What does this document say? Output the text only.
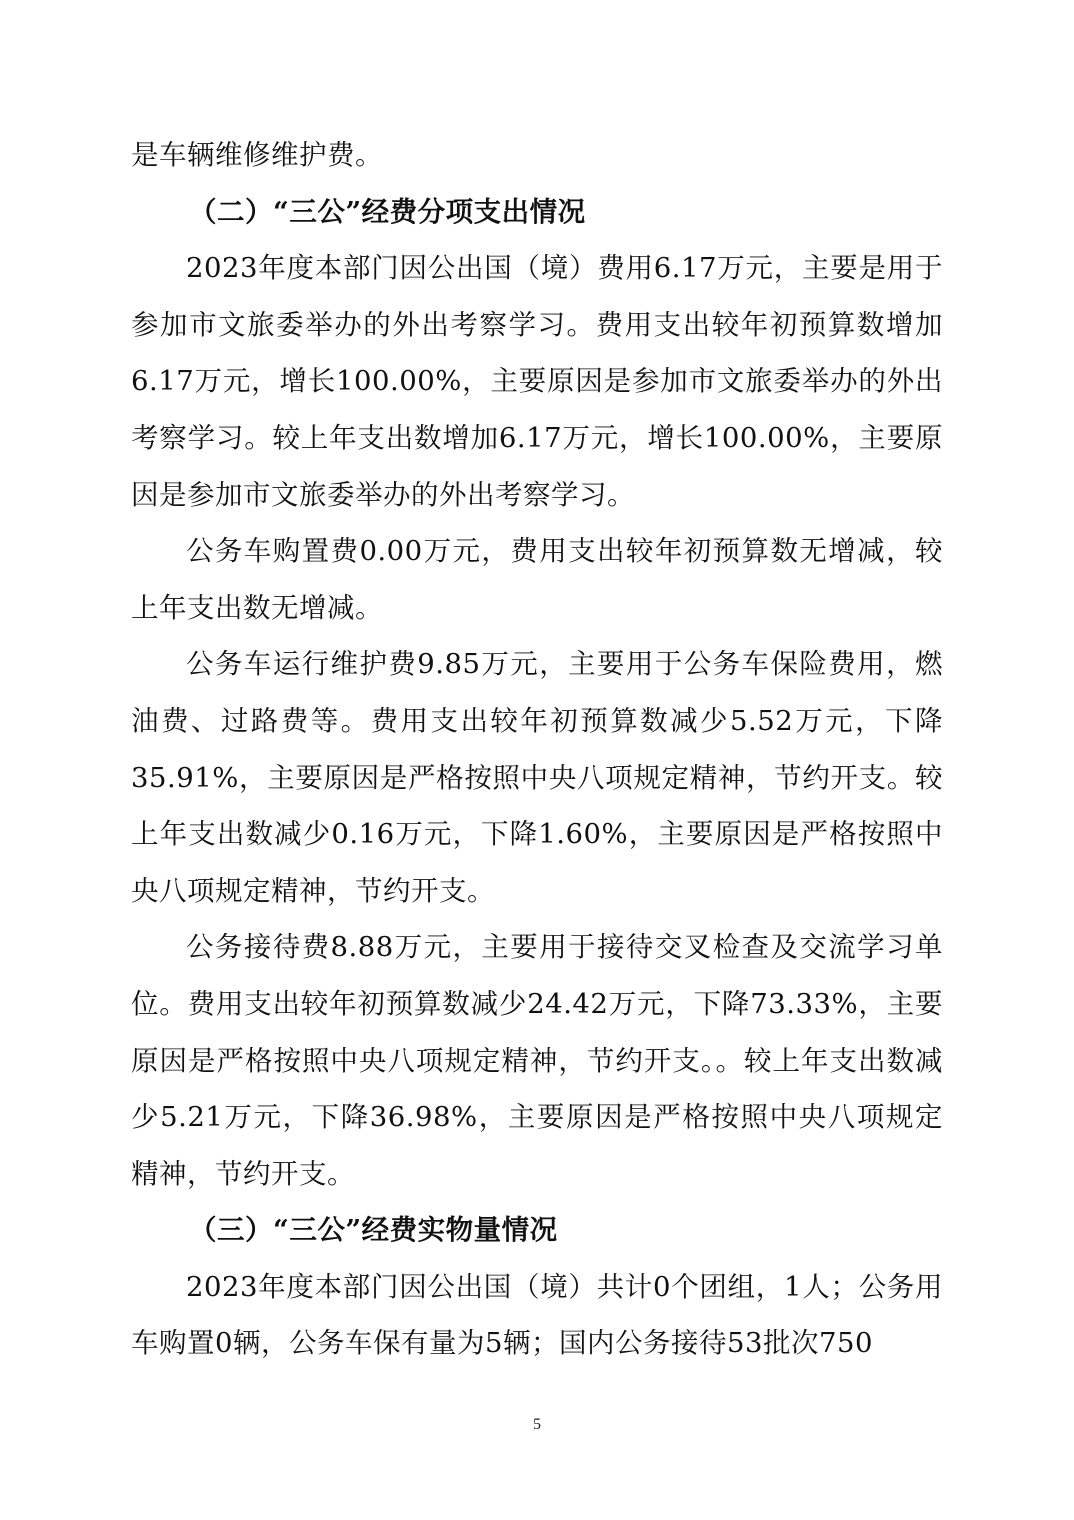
是车辆维修维护费。

（二）“三公”经费分项支出情况

2023年度本部门因公出国（境）费用6.17万元，主要是用于参加市文旅委举办的外出考察学习。费用支出较年初预算数增加6.17万元，增长100.00%，主要原因是参加市文旅委举办的外出考察学习。较上年支出数增加6.17万元，增长100.00%，主要原因是参加市文旅委举办的外出考察学习。

公务车购置费0.00万元，费用支出较年初预算数无增减，较上年支出数无增减。

公务车运行维护费9.85万元，主要用于公务车保险费用，燃油费、过路费等。费用支出较年初预算数减少5.52万元，下降35.91%，主要原因是严格按照中央八项规定精神，节约开支。较上年支出数减少0.16万元，下降1.60%，主要原因是严格按照中央八项规定精神，节约开支。

公务接待费8.88万元，主要用于接待交叉检查及交流学习单位。费用支出较年初预算数减少24.42万元，下降73.33%，主要原因是严格按照中央八项规定精神，节约开支。。较上年支出数减少5.21万元，下降36.98%，主要原因是严格按照中央八项规定精神，节约开支。

（三）“三公”经费实物量情况

2023年度本部门因公出国（境）共计0个团组，1人；公务用车购置0辆，公务车保有量为5辆；国内公务接待53批次750

5
